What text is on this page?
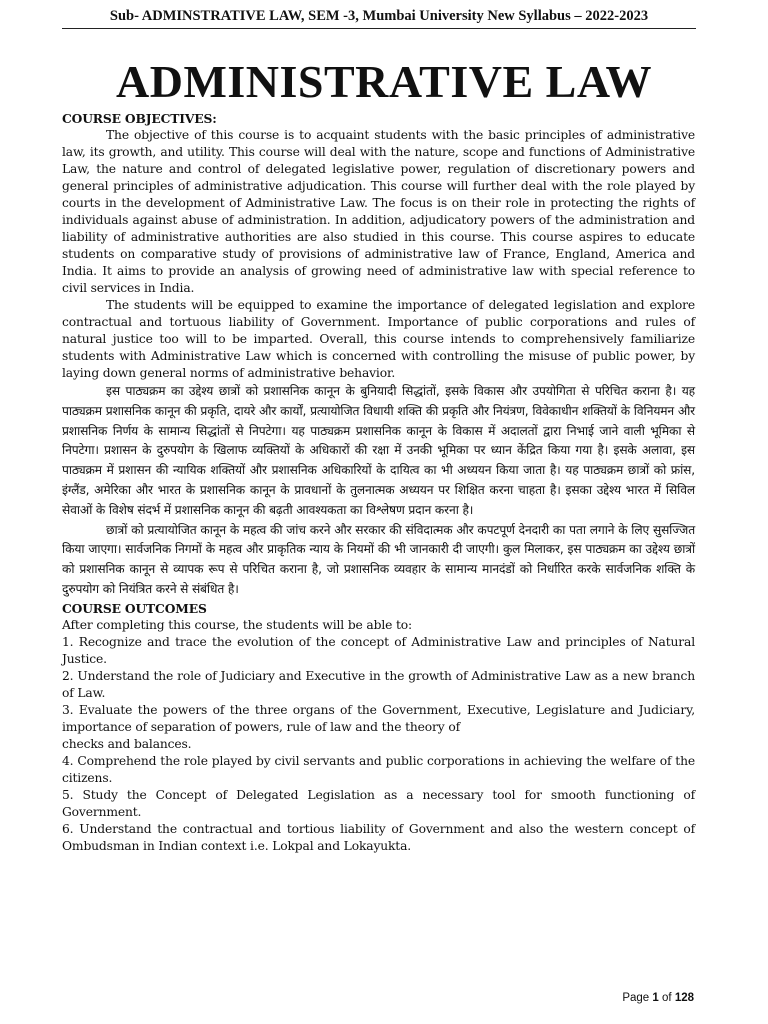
Sub- ADMINSTRATIVE LAW, SEM -3, Mumbai University New Syllabus – 2022-2023
ADMINISTRATIVE LAW

COURSE OBJECTIVES:

The objective of this course is to acquaint students with the basic principles of administrative law, its growth, and utility. This course will deal with the nature, scope and functions of Administrative Law, the nature and control of delegated legislative power, regulation of discretionary powers and general principles of administrative adjudication. This course will further deal with the role played by courts in the development of Administrative Law. The focus is on their role in protecting the rights of individuals against abuse of administration. In addition, adjudicatory powers of the administration and liability of administrative authorities are also studied in this course. This course aspires to educate students on comparative study of provisions of administrative law of France, England, America and India. It aims to provide an analysis of growing need of administrative law with special reference to civil services in India.

The students will be equipped to examine the importance of delegated legislation and explore contractual and tortuous liability of Government. Importance of public corporations and rules of natural justice too will to be imparted. Overall, this course intends to comprehensively familiarize students with Administrative Law which is concerned with controlling the misuse of public power, by laying down general norms of administrative behavior.

इस पाठ्यक्रम का उद्देश्य छात्रों को प्रशासनिक कानून के बुनियादी सिद्धांतों, इसके विकास और उपयोगिता से परिचित कराना है। यह पाठ्यक्रम प्रशासनिक कानून की प्रकृति, दायरे और कार्यों, प्रत्यायोजित विधायी शक्ति की प्रकृति और नियंत्रण, विवेकाधीन शक्तियों के विनियमन और प्रशासनिक निर्णय के सामान्य सिद्धांतों से निपटेगा। यह पाठ्यक्रम प्रशासनिक कानून के विकास में अदालतों द्वारा निभाई जाने वाली भूमिका से निपटेगा। प्रशासन के दुरुपयोग के खिलाफ व्यक्तियों के अधिकारों की रक्षा में उनकी भूमिका पर ध्यान केंद्रित किया गया है। इसके अलावा, इस पाठ्यक्रम में प्रशासन की न्यायिक शक्तियों और प्रशासनिक अधिकारियों के दायित्व का भी अध्ययन किया जाता है। यह पाठ्यक्रम छात्रों को फ्रांस, इंग्लैंड, अमेरिका और भारत के प्रशासनिक कानून के प्रावधानों के तुलनात्मक अध्ययन पर शिक्षित करना चाहता है। इसका उद्देश्य भारत में सिविल सेवाओं के विशेष संदर्भ में प्रशासनिक कानून की बढ़ती आवश्यकता का विश्लेषण प्रदान करना है।

छात्रों को प्रत्यायोजित कानून के महत्व की जांच करने और सरकार की संविदात्मक और कपटपूर्ण देनदारी का पता लगाने के लिए सुसज्जित किया जाएगा। सार्वजनिक निगमों के महत्व और प्राकृतिक न्याय के नियमों की भी जानकारी दी जाएगी। कुल मिलाकर, इस पाठ्यक्रम का उद्देश्य छात्रों को प्रशासनिक कानून से व्यापक रूप से परिचित कराना है, जो प्रशासनिक व्यवहार के सामान्य मानदंडों को निर्धारित करके सार्वजनिक शक्ति के दुरुपयोग को नियंत्रित करने से संबंधित है।

COURSE OUTCOMES

After completing this course, the students will be able to:

1. Recognize and trace the evolution of the concept of Administrative Law and principles of Natural Justice.

2. Understand the role of Judiciary and Executive in the growth of Administrative Law as a new branch of Law.

3. Evaluate the powers of the three organs of the Government, Executive, Legislature and Judiciary, importance of separation of powers, rule of law and the theory of

checks and balances.

4. Comprehend the role played by civil servants and public corporations in achieving the welfare of the citizens.

5. Study the Concept of Delegated Legislation as a necessary tool for smooth functioning of Government.

6. Understand the contractual and tortious liability of Government and also the western concept of Ombudsman in Indian context i.e. Lokpal and Lokayukta.

Page 1 of 128
